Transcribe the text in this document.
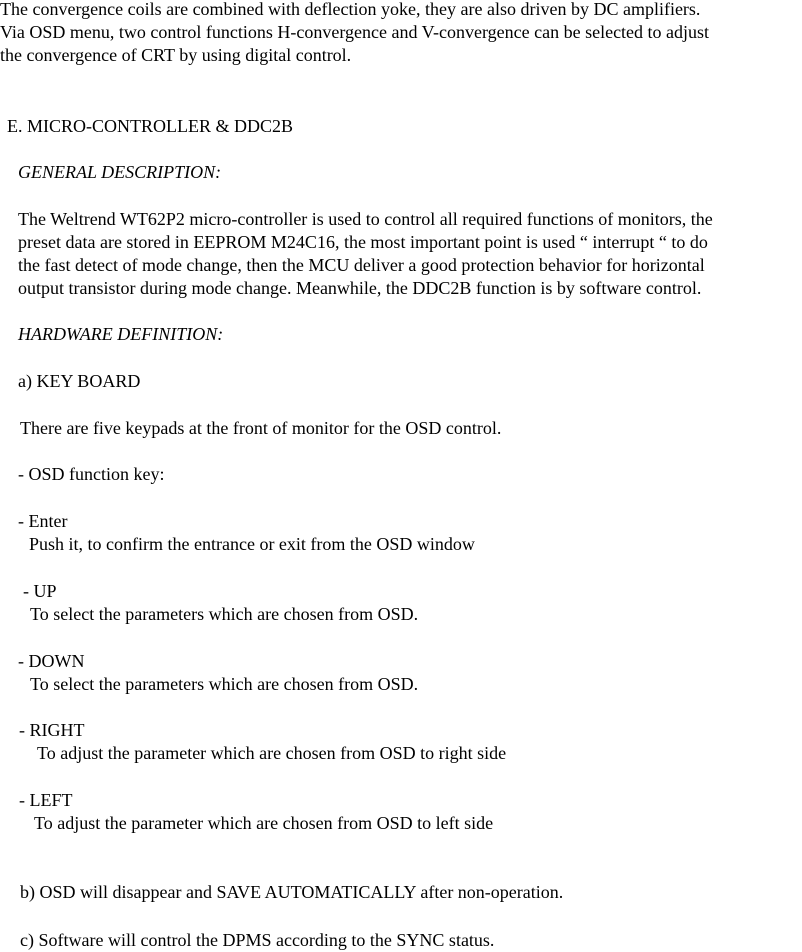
The convergence coils are combined with deflection yoke, they are also driven by DC amplifiers.
Via OSD menu, two control functions H-convergence and V-convergence can be selected to adjust
the convergence of CRT by using digital control.
E. MICRO-CONTROLLER & DDC2B
GENERAL DESCRIPTION:
The Weltrend WT62P2 micro-controller is used to control all required functions of monitors, the
preset data are stored in EEPROM M24C16, the most important point is used “ interrupt “ to do
the fast detect of mode change, then the MCU deliver a good protection behavior for horizontal
output transistor during mode change. Meanwhile, the DDC2B function is by software control.
HARDWARE DEFINITION:
a) KEY BOARD
There are five keypads at the front of monitor for the OSD control.
- OSD function key:
- Enter
Push it, to confirm the entrance or exit from the OSD window
- UP
To select the parameters which are chosen from OSD.
- DOWN
To select the parameters which are chosen from OSD.
- RIGHT
To adjust the parameter which are chosen from OSD to right side
- LEFT
To adjust the parameter which are chosen from OSD to left side
b) OSD will disappear and SAVE AUTOMATICALLY after non-operation.
c) Software will control the DPMS according to the SYNC status.
